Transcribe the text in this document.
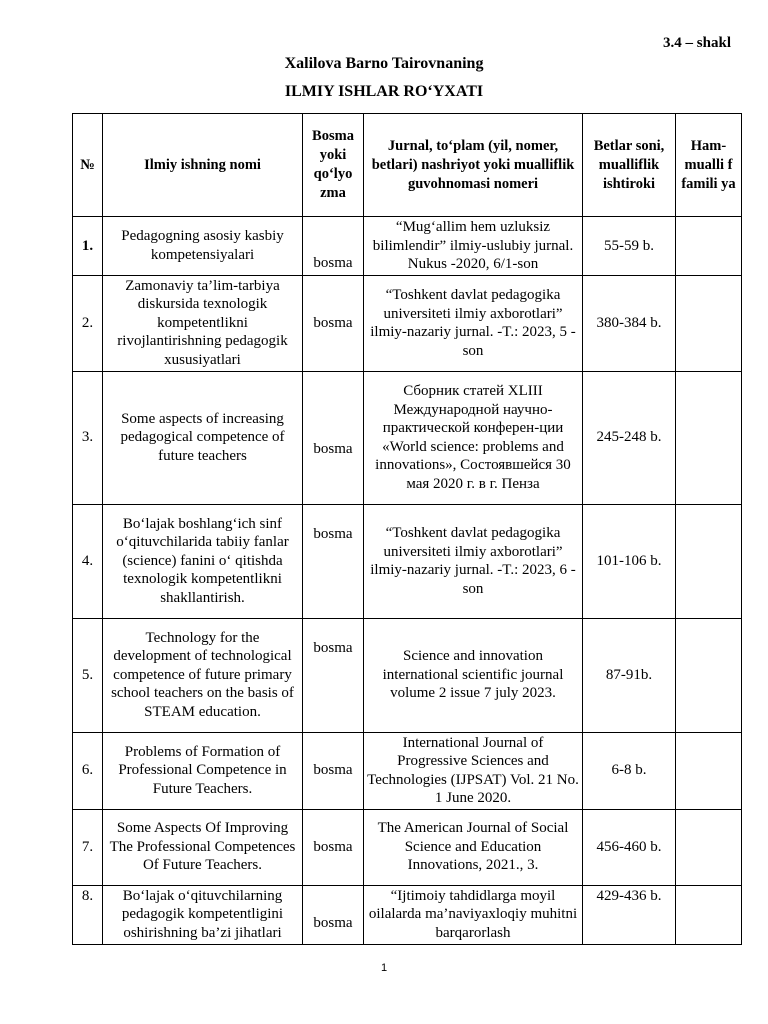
3.4 – shakl
Xalilova Barno Tairovnaning
ILMIY ISHLAR RO‘YXATI
№	Ilmiy ishning nomi	Bosma yoki qo‘lyo zma	Jurnal, to‘plam (yil, nomer, betlari) nashriyot yoki mualliflik guvohnomasi nomeri	Betlar soni, mualliflik ishtiroki	Ham-mualli f famili ya
1.	Pedagogning asosiy kasbiy kompetensiyalari	bosma	“Mug‘allim hem uzluksiz bilimlendir” ilmiy-uslubiy jurnal. Nukus -2020, 6/1-son	55-59 b.	
2.	Zamonaviy ta’lim-tarbiya diskursida texnologik kompetentlikni rivojlantirishning pedagogik xususiyatlari	bosma	“Toshkent davlat pedagogika universiteti ilmiy axborotlari” ilmiy-nazariy jurnal. -T.: 2023, 5 - son	380-384 b.	
3.	Some aspects of increasing pedagogical competence of future teachers	bosma	Сборник статей XLIII Международной научно-практической конферен-ции «World science: problems and innovations», Состоявшейся 30 мая 2020 г. в г. Пенза	245-248 b.	
4.	Bo‘lajak boshlang‘ich sinf o‘qituvchilarida tabiiy fanlar (science) fanini o‘ qitishda texnologik kompetentlikni shakllantirish.	bosma	“Toshkent davlat pedagogika universiteti ilmiy axborotlari” ilmiy-nazariy jurnal. -T.: 2023, 6 - son	101-106 b.	
5.	Technology for the development of technological competence of future primary school teachers on the basis of STEAM education.	bosma	Science and innovation international scientific journal volume 2 issue 7 july 2023.	87-91b.	
6.	Problems of Formation of Professional Competence in Future Teachers.	bosma	International Journal of Progressive Sciences and Technologies (IJPSAT) Vol. 21 No. 1 June 2020.	6-8 b.	
7.	Some Aspects Of Improving The Professional Competences Of Future Teachers.	bosma	The American Journal of Social Science and Education Innovations, 2021., 3.	456-460 b.	
8.	Bo‘lajak o‘qituvchilarning pedagogik kompetentligini oshirishning ba’zi jihatlari	bosma	“Ijtimoiy tahdidlarga moyil oilalarda ma’naviyaxloqiy muhitni barqarorlash	429-436 b.	
1
